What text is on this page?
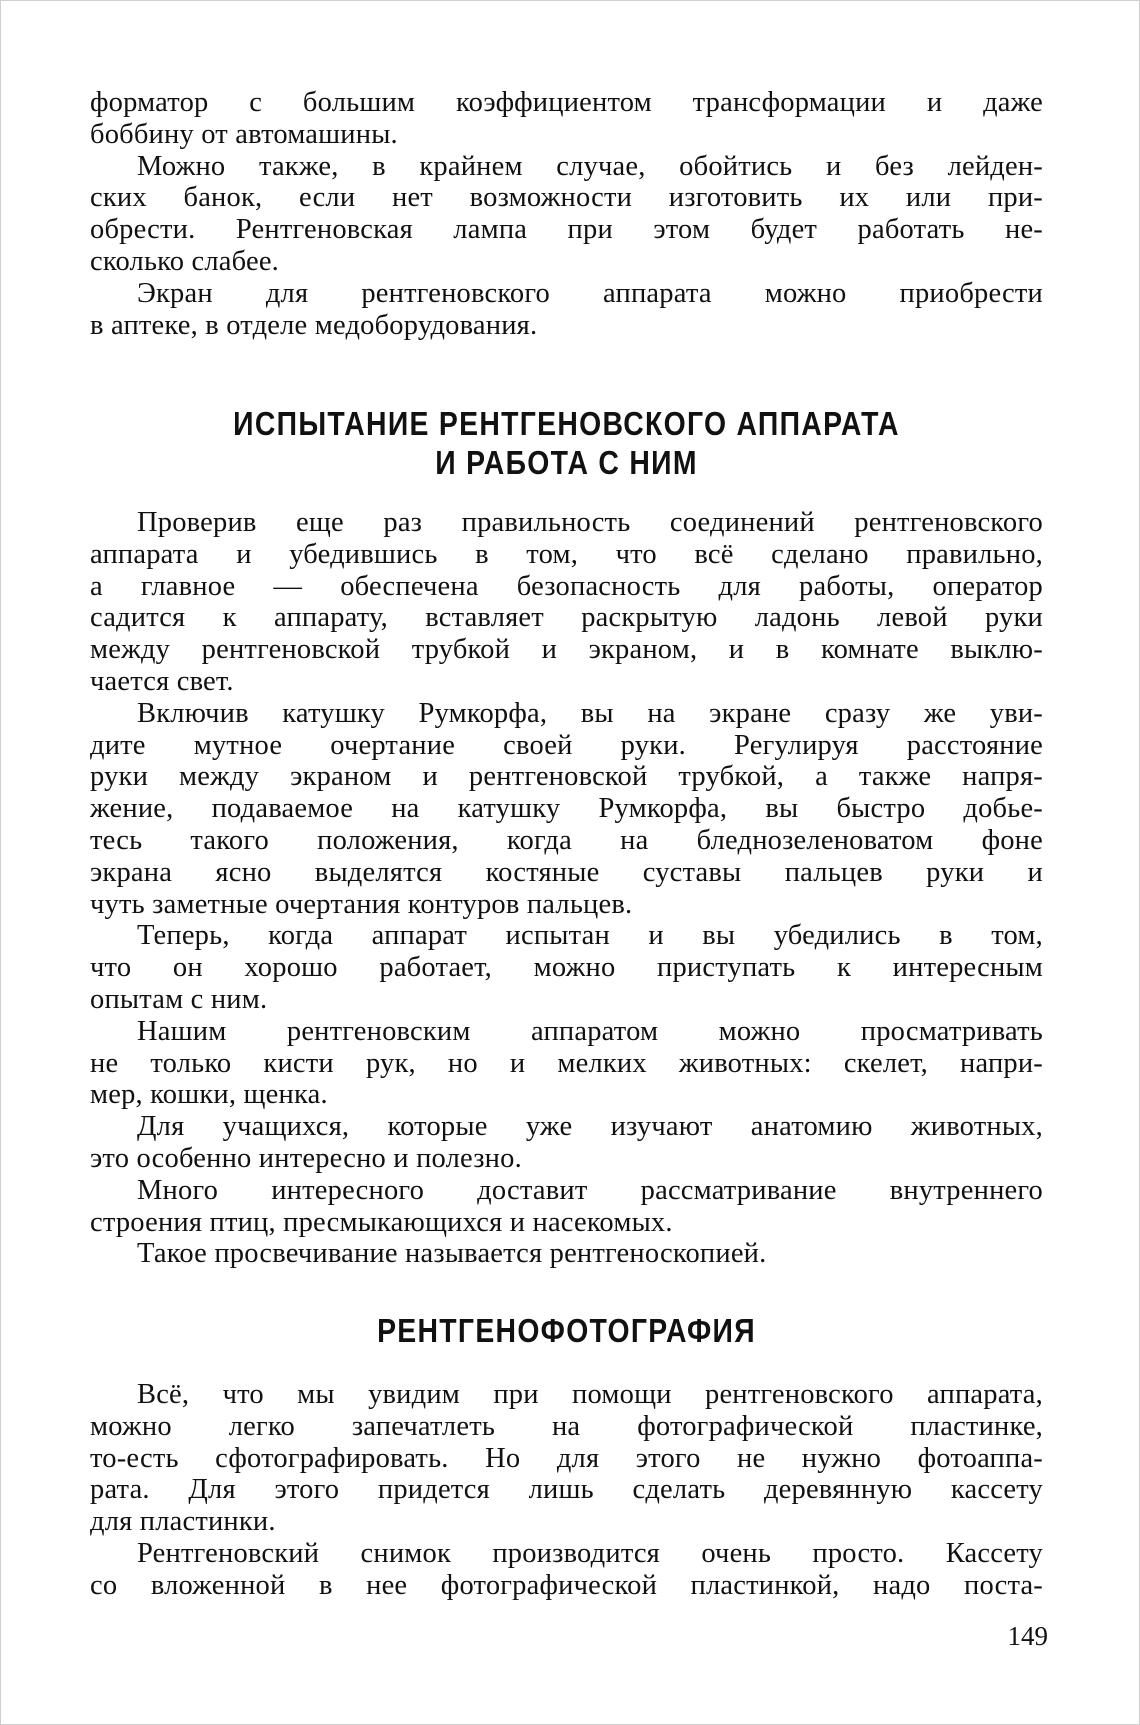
форматор с большим коэффициентом трансформации и даже

боббину от автомашины.

Можно также, в крайнем случае, обойтись и без лейден-

ских банок, если нет возможности изготовить их или при-

обрести. Рентгеновская лампа при этом будет работать не-

сколько слабее.

Экран для рентгеновского аппарата можно приобрести

в аптеке, в отделе медоборудования.

ИСПЫТАНИЕ РЕНТГЕНОВСКОГО АППАРАТА
И РАБОТА С НИМ

Проверив еще раз правильность соединений рентгеновского

аппарата и убедившись в том, что всё сделано правильно,

а главное — обеспечена безопасность для работы, оператор

садится к аппарату, вставляет раскрытую ладонь левой руки

между рентгеновской трубкой и экраном, и в комнате выклю-

чается свет.

Включив катушку Румкорфа, вы на экране сразу же уви-

дите мутное очертание своей руки. Регулируя расстояние

руки между экраном и рентгеновской трубкой, а также напря-

жение, подаваемое на катушку Румкорфа, вы быстро добье-

тесь такого положения, когда на бледнозеленоватом фоне

экрана ясно выделятся костяные суставы пальцев руки и

чуть заметные очертания контуров пальцев.

Теперь, когда аппарат испытан и вы убедились в том,

что он хорошо работает, можно приступать к интересным

опытам с ним.

Нашим рентгеновским аппаратом можно просматривать

не только кисти рук, но и мелких животных: скелет, напри-

мер, кошки, щенка.

Для учащихся, которые уже изучают анатомию животных,

это особенно интересно и полезно.

Много интересного доставит рассматривание внутреннего

строения птиц, пресмыкающихся и насекомых.

Такое просвечивание называется рентгеноскопией.

РЕНТГЕНОФОТОГРАФИЯ

Всё, что мы увидим при помощи рентгеновского аппарата,

можно легко запечатлеть на фотографической пластинке,

то-есть сфотографировать. Но для этого не нужно фотоаппа-

рата. Для этого придется лишь сделать деревянную кассету

для пластинки.

Рентгеновский снимок производится очень просто. Кассету

со вложенной в нее фотографической пластинкой, надо поста-

149
